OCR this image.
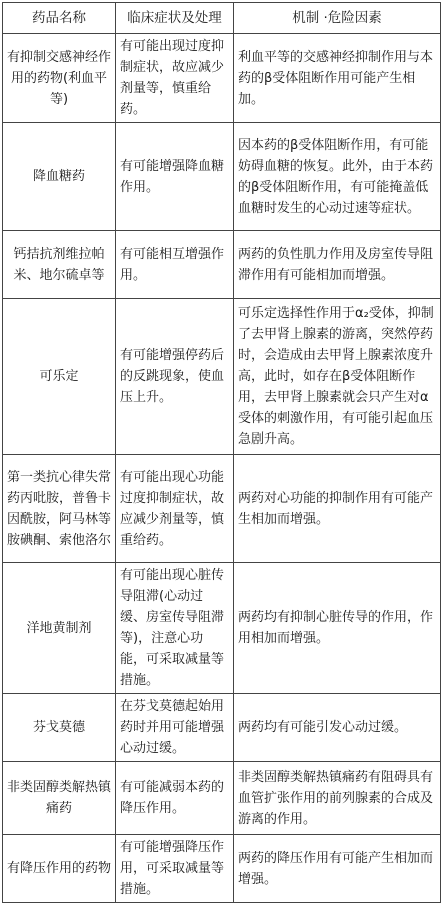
药品名称	临床症状及处理	机制 ·危险因素
有抑制交感神经作用的药物(利血平等)	有可能出现过度抑制症状，故应减少剂量等，慎重给药。	利血平等的交感神经抑制作用与本药的β受体阻断作用可能产生相加。
降血糖药	有可能增强降血糖作用。	因本药的β受体阻断作用，有可能妨碍血糖的恢复。此外，由于本药的β受体阻断作用，有可能掩盖低血糖时发生的心动过速等症状。
钙拮抗剂维拉帕米、地尔硫卓等	有可能相互增强作用。	两药的负性肌力作用及房室传导阻滞作用有可能相加而增强。
可乐定	有可能增强停药后的反跳现象，使血压上升。	可乐定选择性作用于α₂受体，抑制了去甲肾上腺素的游离，突然停药时，会造成由去甲肾上腺素浓度升高，此时，如存在β受体阻断作用，去甲肾上腺素就会只产生对α受体的刺激作用，有可能引起血压急剧升高。
第一类抗心律失常药丙吡胺，普鲁卡因酰胺，阿马林等胺碘酮、索他洛尔	有可能出现心功能过度抑制症状，故应减少剂量等，慎重给药。	两药对心功能的抑制作用有可能产生相加而增强。
洋地黄制剂	有可能出现心脏传导阻滞(心动过缓、房室传导阻滞等)，注意心功能，可采取减量等措施。	两药均有抑制心脏传导的作用，作用相加而增强。
芬戈莫德	在芬戈莫德起始用药时并用可能增强心动过缓。	两药均有可能引发心动过缓。
非类固醇类解热镇痛药	有可能减弱本药的降压作用。	非类固醇类解热镇痛药有阻碍具有血管扩张作用的前列腺素的合成及游离的作用。
有降压作用的药物	有可能增强降压作用，可采取减量等措施。	两药的降压作用有可能产生相加而增强。
